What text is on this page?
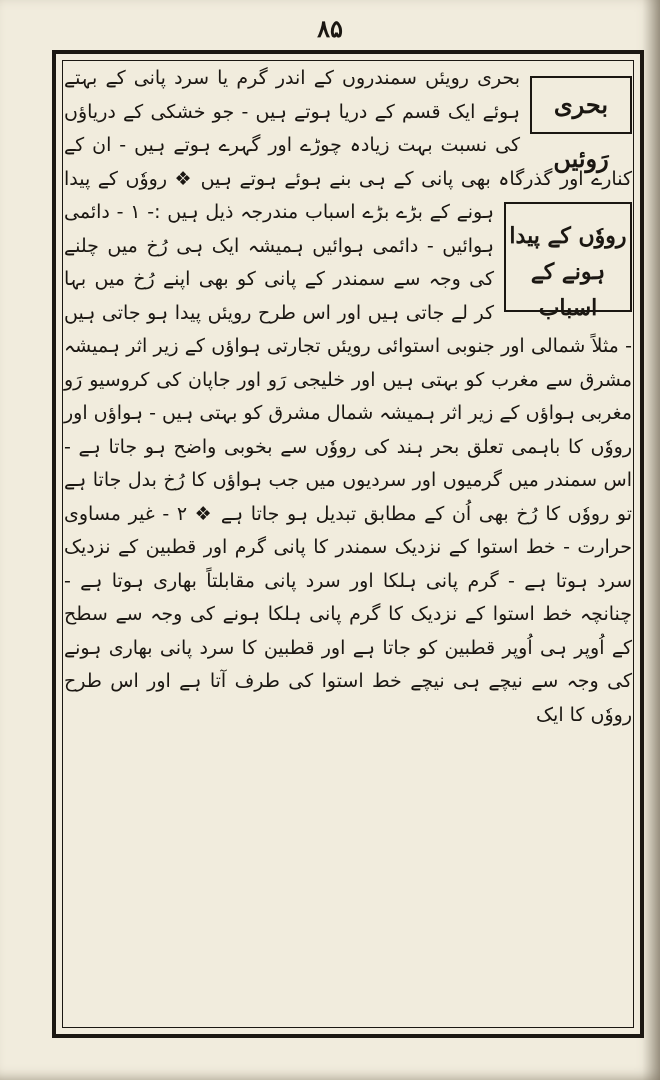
۸۵
بحری رَوئیں
بحری رویئں سمندروں کے اندر گرم یا سرد پانی کے بہتے ہوئے ایک قسم کے دریا ہوتے ہیں - جو خشکی کے دریاؤں کی نسبت بہت زیادہ چوڑے اور گہرے ہوتے ہیں - ان کے کنارے اور گذرگاہ بھی پانی کے ہی بنے ہوئے ہوتے ہیں ❖
رووٗں کے پیدا
ہونے کے اسباب
رووٗں کے پیدا ہونے کے بڑے بڑے اسباب مندرجہ ذیل ہیں :- ۱ - دائمی ہوائیں - دائمی ہوائیں ہمیشہ ایک ہی رُخ میں چلنے کی وجہ سے سمندر کے پانی کو بھی اپنے رُخ میں بہا کر لے جاتی ہیں اور اس طرح رویئں پیدا ہو جاتی ہیں - مثلاً شمالی اور جنوبی استوائی رویئں تجارتی ہواؤں کے زیر اثر ہمیشہ مشرق سے مغرب کو بہتی ہیں اور خلیجی رَو اور جاپان کی کروسیو رَو مغربی ہواؤں کے زیر اثر ہمیشہ شمال مشرق کو بہتی ہیں - ہواؤں اور رووٗں کا باہمی تعلق بحر ہند کی رووٗں سے بخوبی واضح ہو جاتا ہے - اس سمندر میں گرمیوں اور سردیوں میں جب ہواؤں کا رُخ بدل جاتا ہے تو رووٗں کا رُخ بھی اُن کے مطابق تبدیل ہو جاتا ہے ❖ ۲ - غیر مساوی حرارت - خط استوا کے نزدیک سمندر کا پانی گرم اور قطبین کے نزدیک سرد ہوتا ہے - گرم پانی ہلکا اور سرد پانی مقابلتاً بھاری ہوتا ہے - چنانچہ خط استوا کے نزدیک کا گرم پانی ہلکا ہونے کی وجہ سے سطح کے اُوپر ہی اُوپر قطبین کو جاتا ہے اور قطبین کا سرد پانی بھاری ہونے کی وجہ سے نیچے ہی نیچے خط استوا کی طرف آتا ہے اور اس طرح رووٗں کا ایک
